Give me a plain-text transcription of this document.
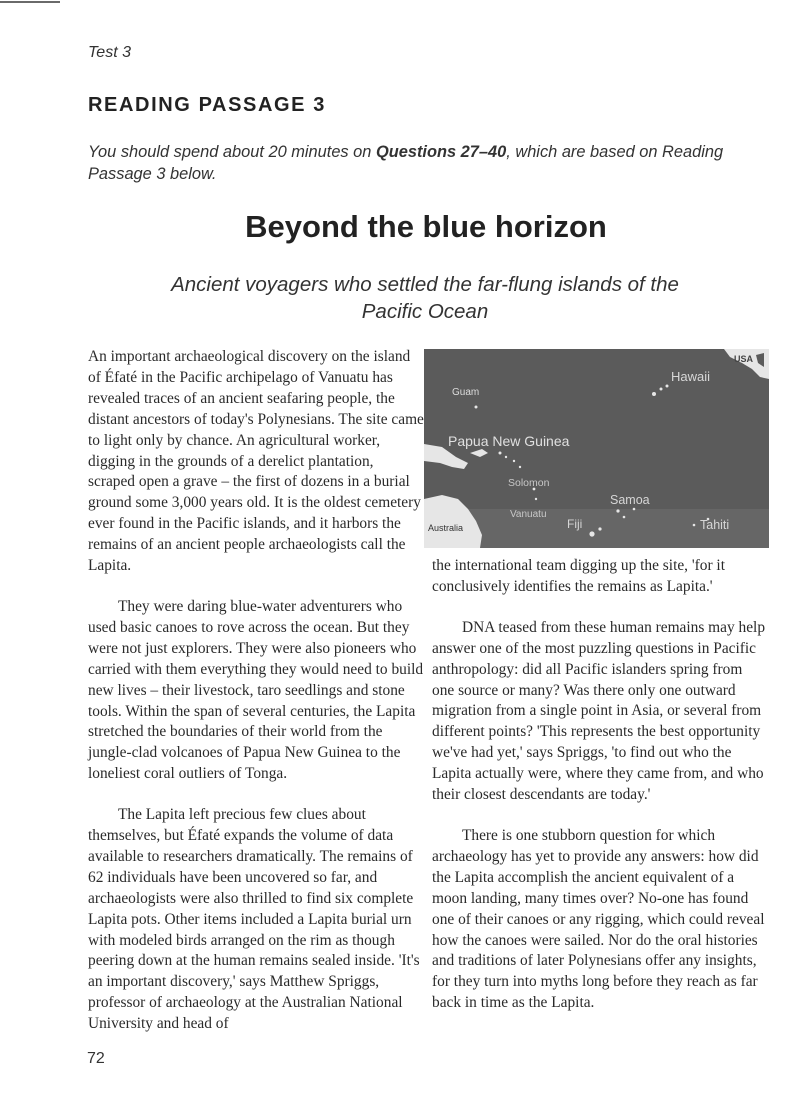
Test 3
READING PASSAGE 3
You should spend about 20 minutes on Questions 27–40, which are based on Reading Passage 3 below.
Beyond the blue horizon
Ancient voyagers who settled the far-flung islands of the Pacific Ocean

An important archaeological discovery on the island of Éfaté in the Pacific archipelago of Vanuatu has revealed traces of an ancient seafaring people, the distant ancestors of today's Polynesians. The site came to light only by chance. An agricultural worker, digging in the grounds of a derelict plantation, scraped open a grave – the first of dozens in a burial ground some 3,000 years old. It is the oldest cemetery ever found in the Pacific islands, and it harbors the remains of an ancient people archaeologists call the Lapita.

They were daring blue-water adventurers who used basic canoes to rove across the ocean. But they were not just explorers. They were also pioneers who carried with them everything they would need to build new lives – their livestock, taro seedlings and stone tools. Within the span of several centuries, the Lapita stretched the boundaries of their world from the jungle-clad volcanoes of Papua New Guinea to the loneliest coral outliers of Tonga.

The Lapita left precious few clues about themselves, but Éfaté expands the volume of data available to researchers dramatically. The remains of 62 individuals have been uncovered so far, and archaeologists were also thrilled to find six complete Lapita pots. Other items included a Lapita burial urn with modeled birds arranged on the rim as though peering down at the human remains sealed inside. 'It's an important discovery,' says Matthew Spriggs, professor of archaeology at the Australian National University and head of

USA
Hawaii
Guam
Papua New Guinea
Solomon
Samoa
Vanuatu
Fiji
Australia	Tahiti

the international team digging up the site, 'for it conclusively identifies the remains as Lapita.'

DNA teased from these human remains may help answer one of the most puzzling questions in Pacific anthropology: did all Pacific islanders spring from one source or many? Was there only one outward migration from a single point in Asia, or several from different points? 'This represents the best opportunity we've had yet,' says Spriggs, 'to find out who the Lapita actually were, where they came from, and who their closest descendants are today.'

There is one stubborn question for which archaeology has yet to provide any answers: how did the Lapita accomplish the ancient equivalent of a moon landing, many times over? No-one has found one of their canoes or any rigging, which could reveal how the canoes were sailed. Nor do the oral histories and traditions of later Polynesians offer any insights, for they turn into myths long before they reach as far back in time as the Lapita.

72
